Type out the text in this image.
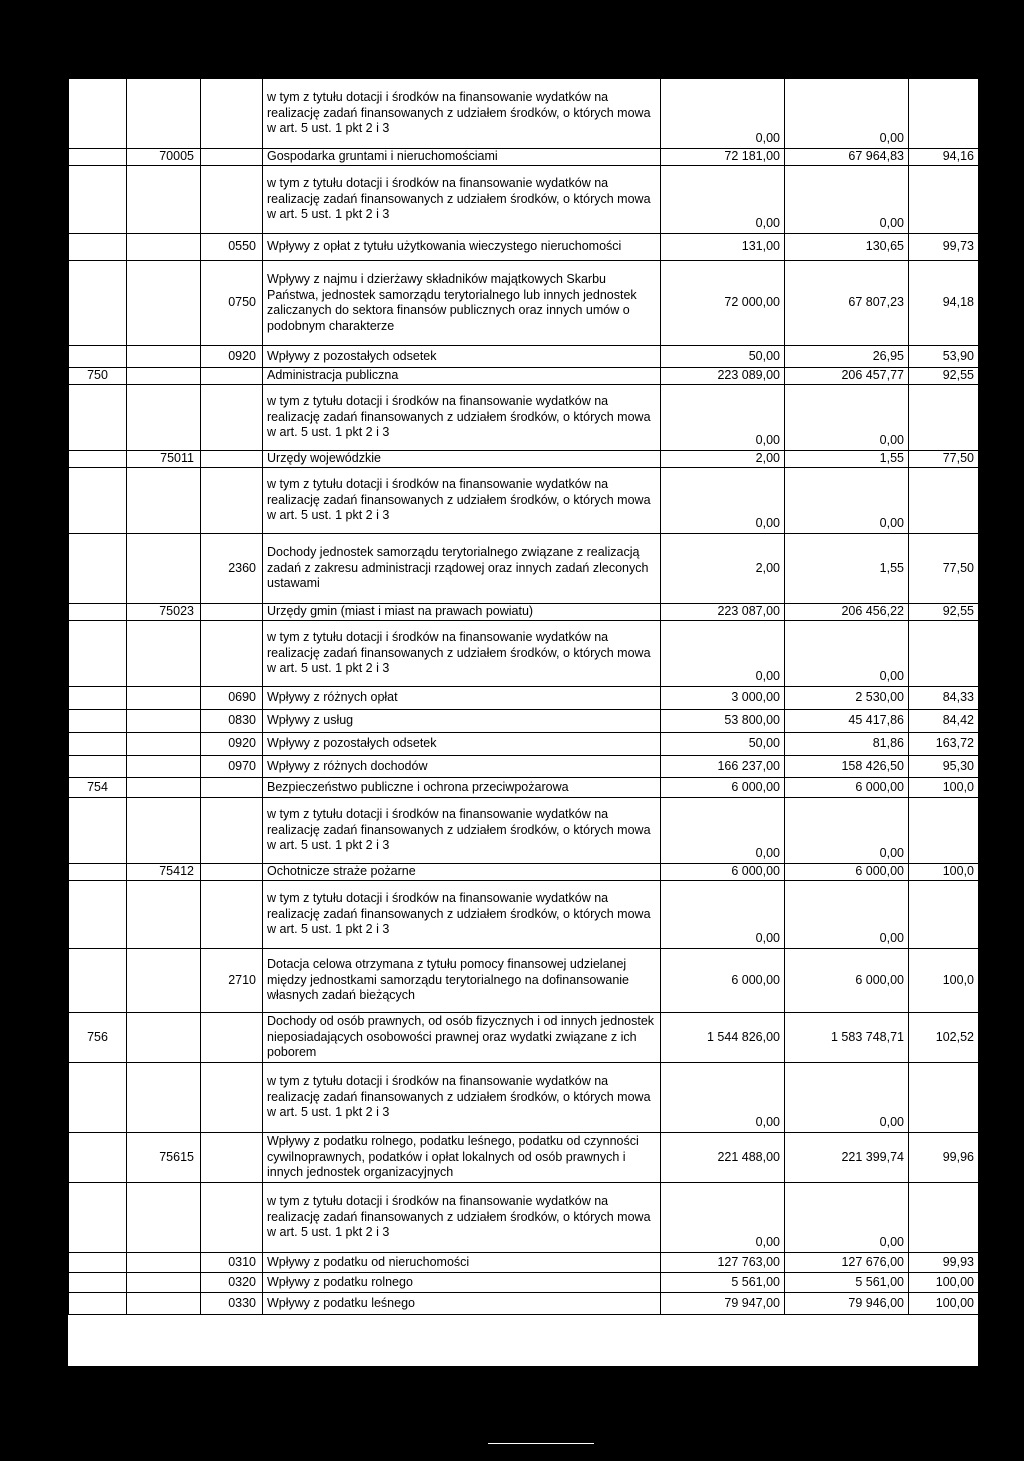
			w tym z tytułu dotacji i środków na finansowanie wydatków na realizację zadań finansowanych z udziałem środków, o których mowa w art. 5 ust. 1 pkt 2 i 3	0,00	0,00	
	70005		Gospodarka gruntami i nieruchomościami	72 181,00	67 964,83	94,16
			w tym z tytułu dotacji i środków na finansowanie wydatków na realizację zadań finansowanych z udziałem środków, o których mowa w art. 5 ust. 1 pkt 2 i 3	0,00	0,00	
		0550	Wpływy z opłat z tytułu użytkowania wieczystego nieruchomości	131,00	130,65	99,73
		0750	Wpływy z najmu i dzierżawy składników majątkowych Skarbu Państwa, jednostek samorządu terytorialnego lub innych jednostek zaliczanych do sektora finansów publicznych oraz innych umów o podobnym charakterze	72 000,00	67 807,23	94,18
		0920	Wpływy z pozostałych odsetek	50,00	26,95	53,90
750			Administracja publiczna	223 089,00	206 457,77	92,55
			w tym z tytułu dotacji i środków na finansowanie wydatków na realizację zadań finansowanych z udziałem środków, o których mowa w art. 5 ust. 1 pkt 2 i 3	0,00	0,00	
	75011		Urzędy wojewódzkie	2,00	1,55	77,50
			w tym z tytułu dotacji i środków na finansowanie wydatków na realizację zadań finansowanych z udziałem środków, o których mowa w art. 5 ust. 1 pkt 2 i 3	0,00	0,00	
		2360	Dochody jednostek samorządu terytorialnego związane z realizacją zadań z zakresu administracji rządowej oraz innych zadań zleconych ustawami	2,00	1,55	77,50
	75023		Urzędy gmin (miast i miast na prawach powiatu)	223 087,00	206 456,22	92,55
			w tym z tytułu dotacji i środków na finansowanie wydatków na realizację zadań finansowanych z udziałem środków, o których mowa w art. 5 ust. 1 pkt 2 i 3	0,00	0,00	
		0690	Wpływy z różnych opłat	3 000,00	2 530,00	84,33
		0830	Wpływy z usług	53 800,00	45 417,86	84,42
		0920	Wpływy z pozostałych odsetek	50,00	81,86	163,72
		0970	Wpływy z różnych dochodów	166 237,00	158 426,50	95,30
754			Bezpieczeństwo publiczne i ochrona przeciwpożarowa	6 000,00	6 000,00	100,0
			w tym z tytułu dotacji i środków na finansowanie wydatków na realizację zadań finansowanych z udziałem środków, o których mowa w art. 5 ust. 1 pkt 2 i 3	0,00	0,00	
	75412		Ochotnicze straże pożarne	6 000,00	6 000,00	100,0
			w tym z tytułu dotacji i środków na finansowanie wydatków na realizację zadań finansowanych z udziałem środków, o których mowa w art. 5 ust. 1 pkt 2 i 3	0,00	0,00	
		2710	Dotacja celowa otrzymana z tytułu pomocy finansowej udzielanej między jednostkami samorządu terytorialnego na dofinansowanie własnych zadań bieżących	6 000,00	6 000,00	100,0
756			Dochody od osób prawnych, od osób fizycznych i od innych jednostek nieposiadających osobowości prawnej oraz wydatki związane z ich poborem	1 544 826,00	1 583 748,71	102,52
			w tym z tytułu dotacji i środków na finansowanie wydatków na realizację zadań finansowanych z udziałem środków, o których mowa w art. 5 ust. 1 pkt 2 i 3	0,00	0,00	
	75615		Wpływy z podatku rolnego, podatku leśnego, podatku od czynności cywilnoprawnych, podatków i opłat lokalnych od osób prawnych i innych jednostek organizacyjnych	221 488,00	221 399,74	99,96
			w tym z tytułu dotacji i środków na finansowanie wydatków na realizację zadań finansowanych z udziałem środków, o których mowa w art. 5 ust. 1 pkt 2 i 3	0,00	0,00	
		0310	Wpływy z podatku od nieruchomości	127 763,00	127 676,00	99,93
		0320	Wpływy z podatku rolnego	5 561,00	5 561,00	100,00
		0330	Wpływy z podatku leśnego	79 947,00	79 946,00	100,00
